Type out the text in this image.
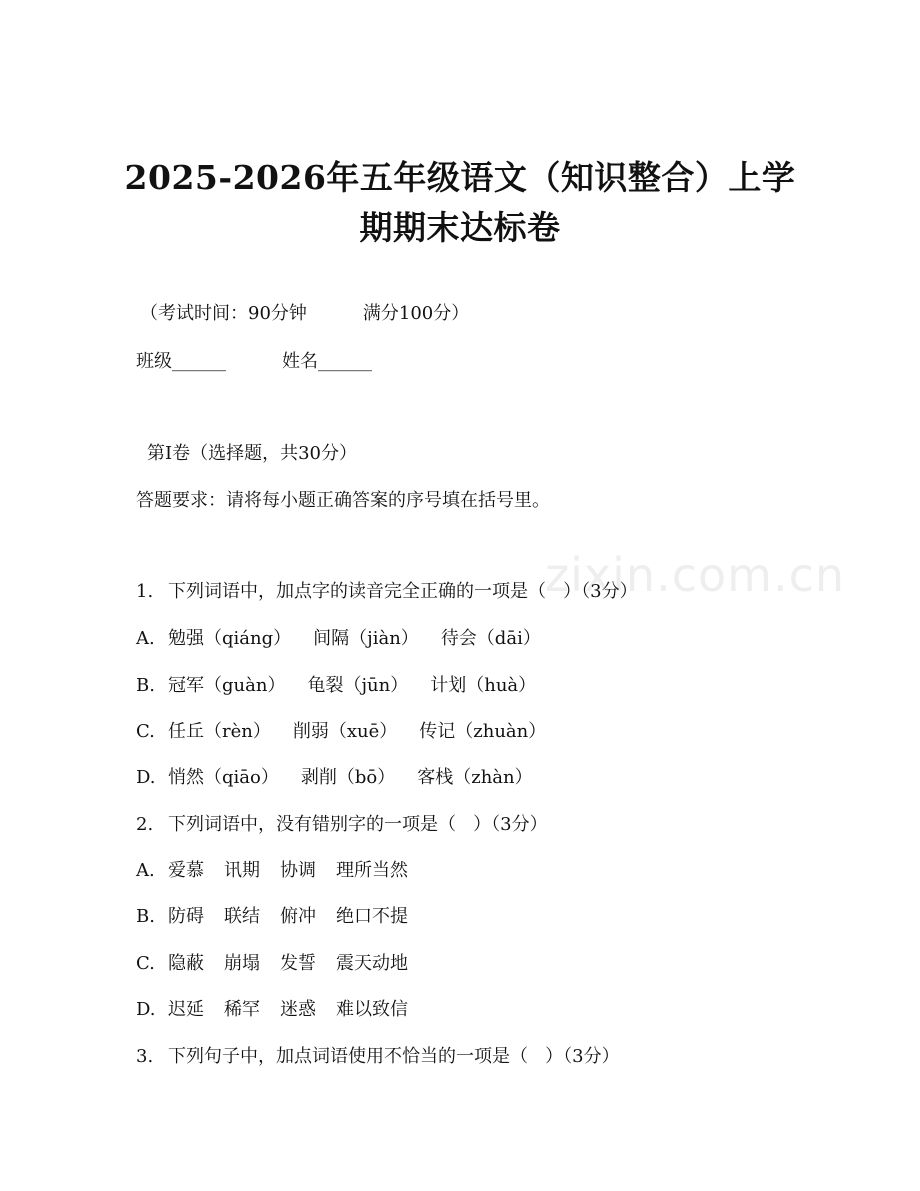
2025-2026年五年级语文（知识整合）上学
期期末达标卷

（考试时间：90分钟	满分100分）

班级______	姓名______

第Ⅰ卷（选择题，共30分）

答题要求：请将每小题正确答案的序号填在括号里。

1. 下列词语中，加点字的读音完全正确的一项是（   ）（3分）

A. 勉强（qiáng） 间隔（jiàn） 待会（dāi）

B. 冠军（guàn） 龟裂（jūn） 计划（huà）

C. 任丘（rèn） 削弱（xuē） 传记（zhuàn）

D. 悄然（qiāo） 剥削（bō） 客栈（zhàn）

2. 下列词语中，没有错别字的一项是（   ）（3分）

A. 爱慕 讯期 协调 理所当然

B. 防碍 联结 俯冲 绝口不提

C. 隐蔽 崩塌 发誓 震天动地

D. 迟延 稀罕 迷惑 难以致信

3. 下列句子中，加点词语使用不恰当的一项是（   ）（3分）

zixin.com.cn
